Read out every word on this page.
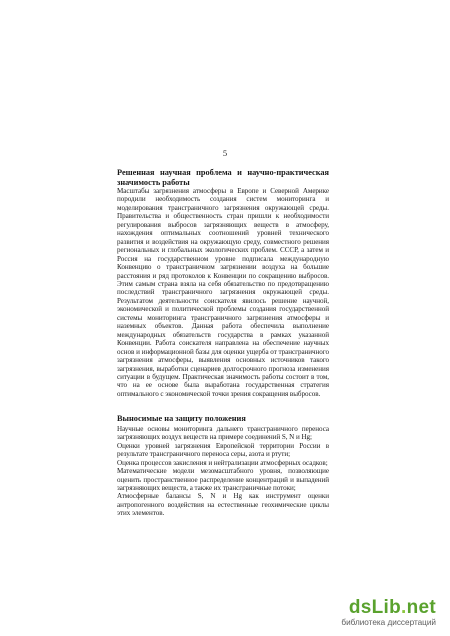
5
Решенная научная проблема и научно-практическая значимость работы

Масштабы загрязнения атмосферы в Европе и Северной Америке породили необходимость создания систем мониторинга и моделирования трансграничного загрязнения окружающей среды. Правительства и общественность стран пришли к необходимости регулирования выбросов загрязняющих веществ в атмосферу, нахождения оптимальных соотношений уровней технического развития и воздействия на окружающую среду, совместного решения региональных и глобальных экологических проблем. СССР, а затем и Россия на государственном уровне подписала международную Конвенцию о трансграничном загрязнении воздуха на большие расстояния и ряд протоколов к Конвенции по сокращению выбросов. Этим самым страна взяла на себя обязательство по предотвращению последствий трансграничного загрязнения окружающей среды. Результатом деятельности соискателя явилось решение научной, экономической и политической проблемы создания государственной системы мониторинга трансграничного загрязнения атмосферы и наземных объектов. Данная работа обеспечила выполнение международных обязательств государства в рамках указанной Конвенции. Работа соискателя направлена на обеспечение научных основ и информационной базы для оценки ущерба от трансграничного загрязнения атмосферы, выявления основных источников такого загрязнения, выработки сценариев долгосрочного прогноза изменения ситуации в будущем. Практическая значимость работы состоит в том, что на ее основе была выработана государственная стратегия оптимального с экономической точки зрения сокращения выбросов.

Выносимые на защиту положения
Научные основы мониторинга дальнего трансграничного переноса загрязняющих воздух веществ на примере соединений S, N и Hg;
Оценки уровней загрязнения Европейской территории России в результате трансграничного переноса серы, азота и ртути;
Оценка процессов закисления и нейтрализации атмосферных осадков;
Математические модели мезомасштабного уровня, позволяющие оценить пространственное распределение концентраций и выпадений загрязняющих веществ, а также их трансграничные потоки;
Атмосферные балансы S, N и Hg как инструмент оценки антропогенного воздействия на естественные геохимические циклы этих элементов.
dsLib.net
библиотека диссертаций
